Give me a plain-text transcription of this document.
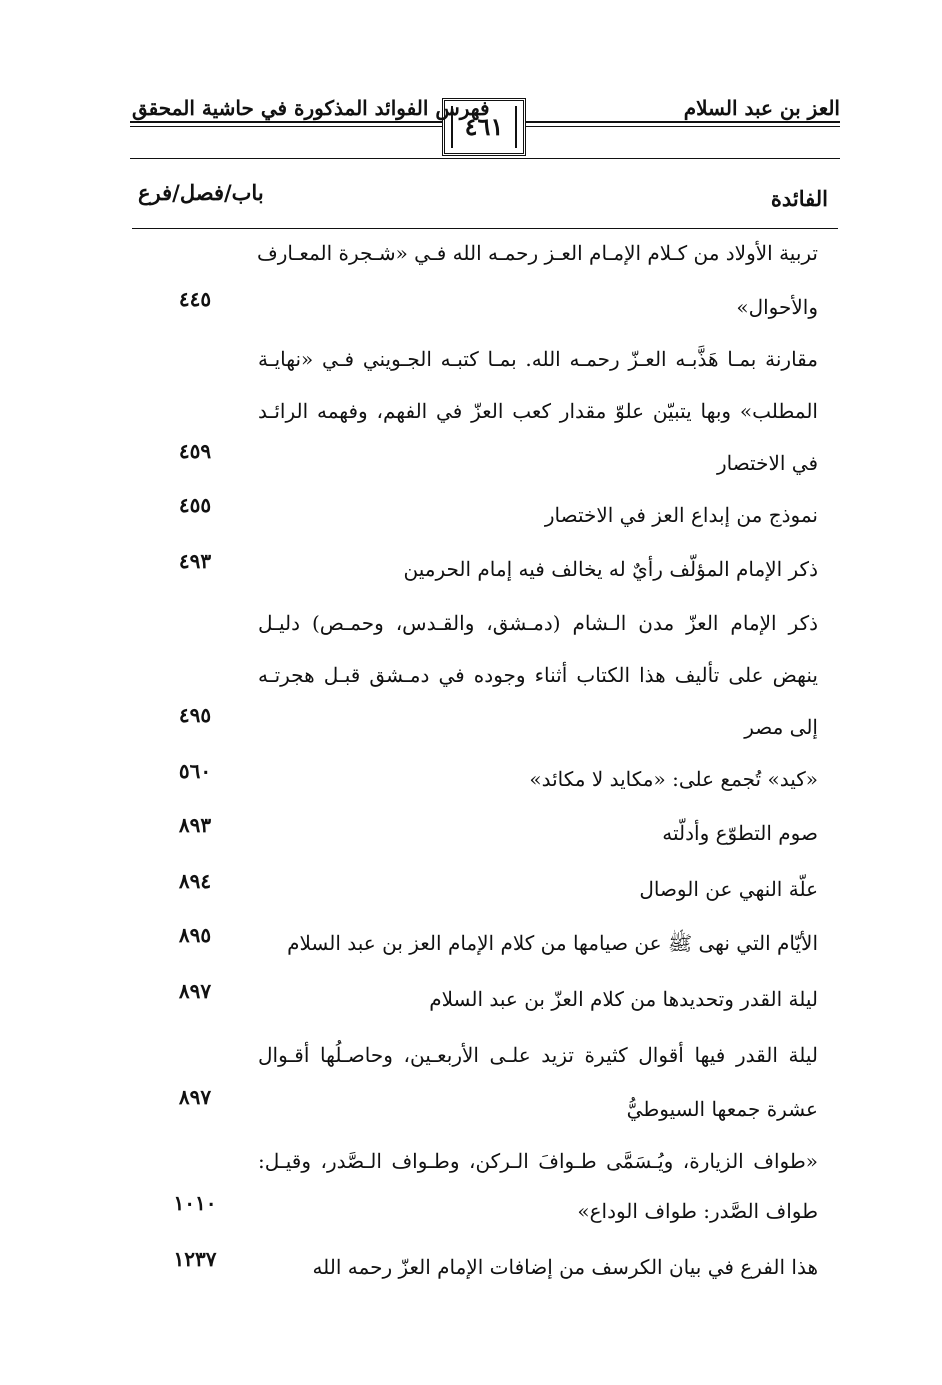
العز بن عبد السلام
فهرس الفوائد المذكورة في حاشية المحقق
٤٦١
الفائدة
باب/فصل/فرع
تربية الأولاد من كـلام الإمـام العـز رحمـه الله فـي «شـجرة المعـارف
والأحوال»
٤٤٥
مقارنة بمـا هَذَّبـه العـزّ رحمـه الله. بمـا كتبـه الجـويني فـي «نهايـة
المطلب» وبها يتبيّن علوّ مقدار كعب العزّ في الفهم، وفهمه الرائـد
في الاختصار
٤٥٩
نموذج من إبداع العز في الاختصار
٤٥٥
ذكر الإمام المؤلّف رأيٌ له يخالف فيه إمام الحرمين
٤٩٣
ذكر الإمام العزّ مدن الـشام (دمـشق، والقـدس، وحمـص) دليـل
ينهض على تأليف هذا الكتاب أثناء وجوده في دمـشق قبـل هجرتـه
إلى مصر
٤٩٥
«كيد» تُجمع على: «مكايد لا مكائد»
٥٦٠
صوم التطوّع وأدلّته
٨٩٣
علّة النهي عن الوصال
٨٩٤
الأيّام التي نهى ﷺ عن صيامها من كلام الإمام العز بن عبد السلام
٨٩٥
ليلة القدر وتحديدها من كلام العزّ بن عبد السلام
٨٩٧
ليلة القدر فيها أقوال كثيرة تزيد علـى الأربعـين، وحاصـلُها أقـوال
عشرة جمعها السيوطيُّ
٨٩٧
«طواف الزيارة، ويُـسَمَّى طـوافَ الـركن، وطـواف الـصَّدر، وقيـل:
طواف الصَّدر: طواف الوداع»
١٠١٠
هذا الفرع في بيان الكرسف من إضافات الإمام العزّ رحمه الله
١٢٣٧
